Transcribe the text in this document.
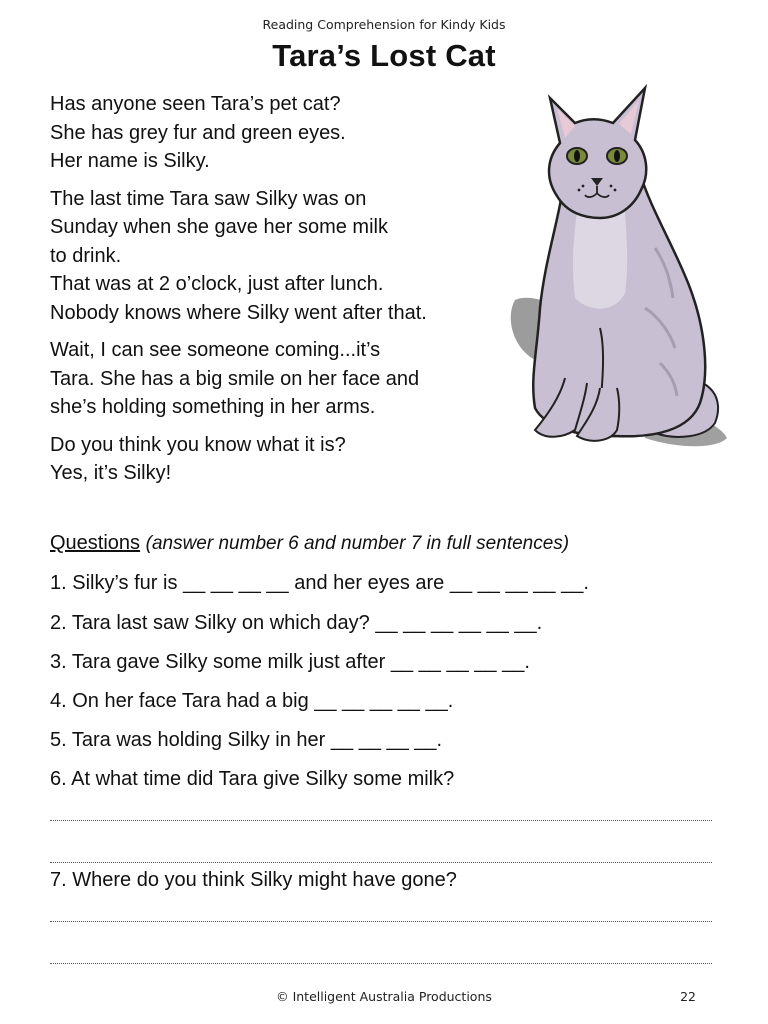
Reading Comprehension for Kindy Kids
Tara’s Lost Cat

Has anyone seen Tara’s pet cat?
She has grey fur and green eyes.
Her name is Silky.

The last time Tara saw Silky was on
Sunday when she gave her some milk
to drink.
That was at 2 o’clock, just after lunch.
Nobody knows where Silky went after that.

Wait, I can see someone coming...it’s
Tara. She has a big smile on her face and
she’s holding something in her arms.

Do you think you know what it is?
Yes, it’s Silky!

Questions (answer number 6 and number 7 in full sentences)
1. Silky’s fur is __ __ __ __ and her eyes are __ __ __ __ __.
2. Tara last saw Silky on which day? __ __ __ __ __ __.
3. Tara gave Silky some milk just after __ __ __ __ __.
4. On her face Tara had a big __ __ __ __ __.
5. Tara was holding Silky in her __ __ __ __.
6. At what time did Tara give Silky some milk?
7. Where do you think Silky might have gone?
© Intelligent Australia Productions	22
